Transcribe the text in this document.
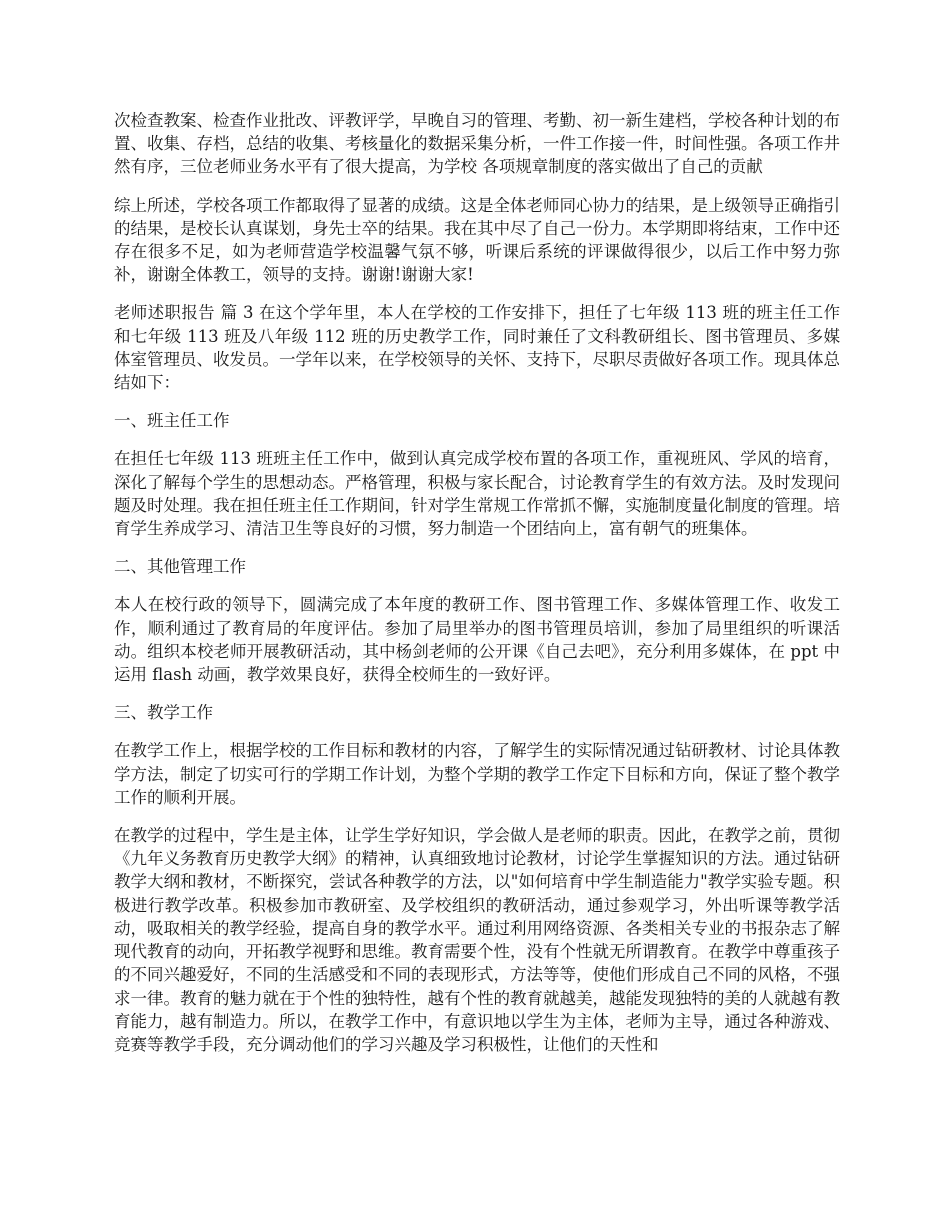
次检查教案、检查作业批改、评教评学，早晚自习的管理、考勤、初一新生建档，学校各种计划的布置、收集、存档，总结的收集、考核量化的数据采集分析，一件工作接一件，时间性强。各项工作井然有序，三位老师业务水平有了很大提高，为学校 各项规章制度的落实做出了自己的贡献

综上所述，学校各项工作都取得了显著的成绩。这是全体老师同心协力的结果，是上级领导正确指引的结果，是校长认真谋划，身先士卒的结果。我在其中尽了自己一份力。本学期即将结束，工作中还存在很多不足，如为老师营造学校温馨气氛不够，听课后系统的评课做得很少，以后工作中努力弥补，谢谢全体教工，领导的支持。谢谢!谢谢大家!

老师述职报告 篇 3 在这个学年里，本人在学校的工作安排下，担任了七年级 113 班的班主任工作和七年级 113 班及八年级 112 班的历史教学工作，同时兼任了文科教研组长、图书管理员、多媒体室管理员、收发员。一学年以来，在学校领导的关怀、支持下，尽职尽责做好各项工作。现具体总结如下：

一、班主任工作

在担任七年级 113 班班主任工作中，做到认真完成学校布置的各项工作，重视班风、学风的培育，深化了解每个学生的思想动态。严格管理，积极与家长配合，讨论教育学生的有效方法。及时发现问题及时处理。我在担任班主任工作期间，针对学生常规工作常抓不懈，实施制度量化制度的管理。培育学生养成学习、清洁卫生等良好的习惯，努力制造一个团结向上，富有朝气的班集体。

二、其他管理工作

本人在校行政的领导下，圆满完成了本年度的教研工作、图书管理工作、多媒体管理工作、收发工作，顺利通过了教育局的年度评估。参加了局里举办的图书管理员培训，参加了局里组织的听课活动。组织本校老师开展教研活动，其中杨剑老师的公开课《自己去吧》，充分利用多媒体，在 ppt 中运用 flash 动画，教学效果良好，获得全校师生的一致好评。

三、教学工作

在教学工作上，根据学校的工作目标和教材的内容，了解学生的实际情况通过钻研教材、讨论具体教学方法，制定了切实可行的学期工作计划，为整个学期的教学工作定下目标和方向，保证了整个教学工作的顺利开展。

在教学的过程中，学生是主体，让学生学好知识，学会做人是老师的职责。因此，在教学之前，贯彻《九年义务教育历史教学大纲》的精神，认真细致地讨论教材，讨论学生掌握知识的方法。通过钻研教学大纲和教材，不断探究，尝试各种教学的方法，以"如何培育中学生制造能力"教学实验专题。积极进行教学改革。积极参加市教研室、及学校组织的教研活动，通过参观学习，外出听课等教学活动，吸取相关的教学经验，提高自身的教学水平。通过利用网络资源、各类相关专业的书报杂志了解现代教育的动向，开拓教学视野和思维。教育需要个性，没有个性就无所谓教育。在教学中尊重孩子的不同兴趣爱好，不同的生活感受和不同的表现形式，方法等等，使他们形成自己不同的风格，不强求一律。教育的魅力就在于个性的独特性，越有个性的教育就越美，越能发现独特的美的人就越有教育能力，越有制造力。所以，在教学工作中，有意识地以学生为主体，老师为主导，通过各种游戏、竞赛等教学手段，充分调动他们的学习兴趣及学习积极性，让他们的天性和
